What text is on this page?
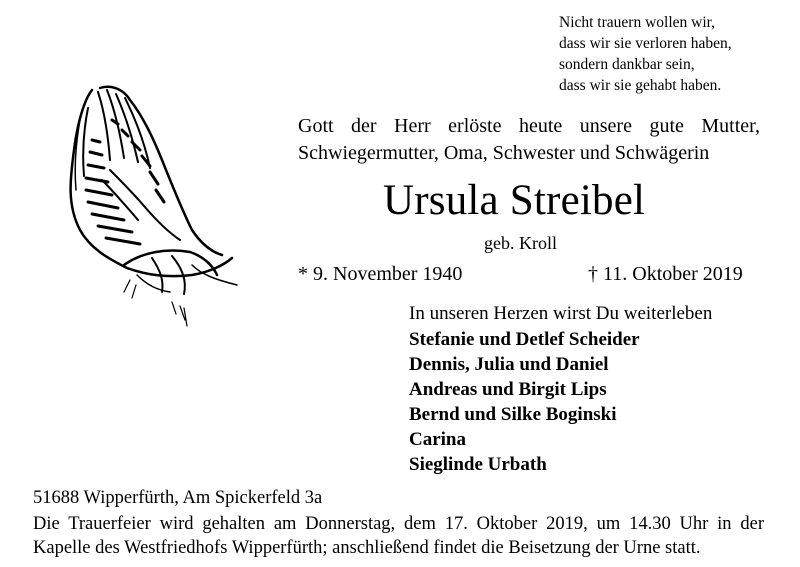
Nicht trauern wollen wir,
dass wir sie verloren haben,
sondern dankbar sein,
dass wir sie gehabt haben.
Gott der Herr erlöste heute unsere gute Mutter,
Schwiegermutter, Oma, Schwester und Schwägerin
Ursula Streibel
geb. Kroll
* 9. November 1940	† 11. Oktober 2019
In unseren Herzen wirst Du weiterleben
Stefanie und Detlef Scheider
Dennis, Julia und Daniel
Andreas und Birgit Lips
Bernd und Silke Boginski
Carina
Sieglinde Urbath
51688 Wipperfürth, Am Spickerfeld 3a
Die Trauerfeier wird gehalten am Donnerstag, dem 17. Oktober 2019, um 14.30 Uhr in der
Kapelle des Westfriedhofs Wipperfürth; anschließend findet die Beisetzung der Urne statt.
